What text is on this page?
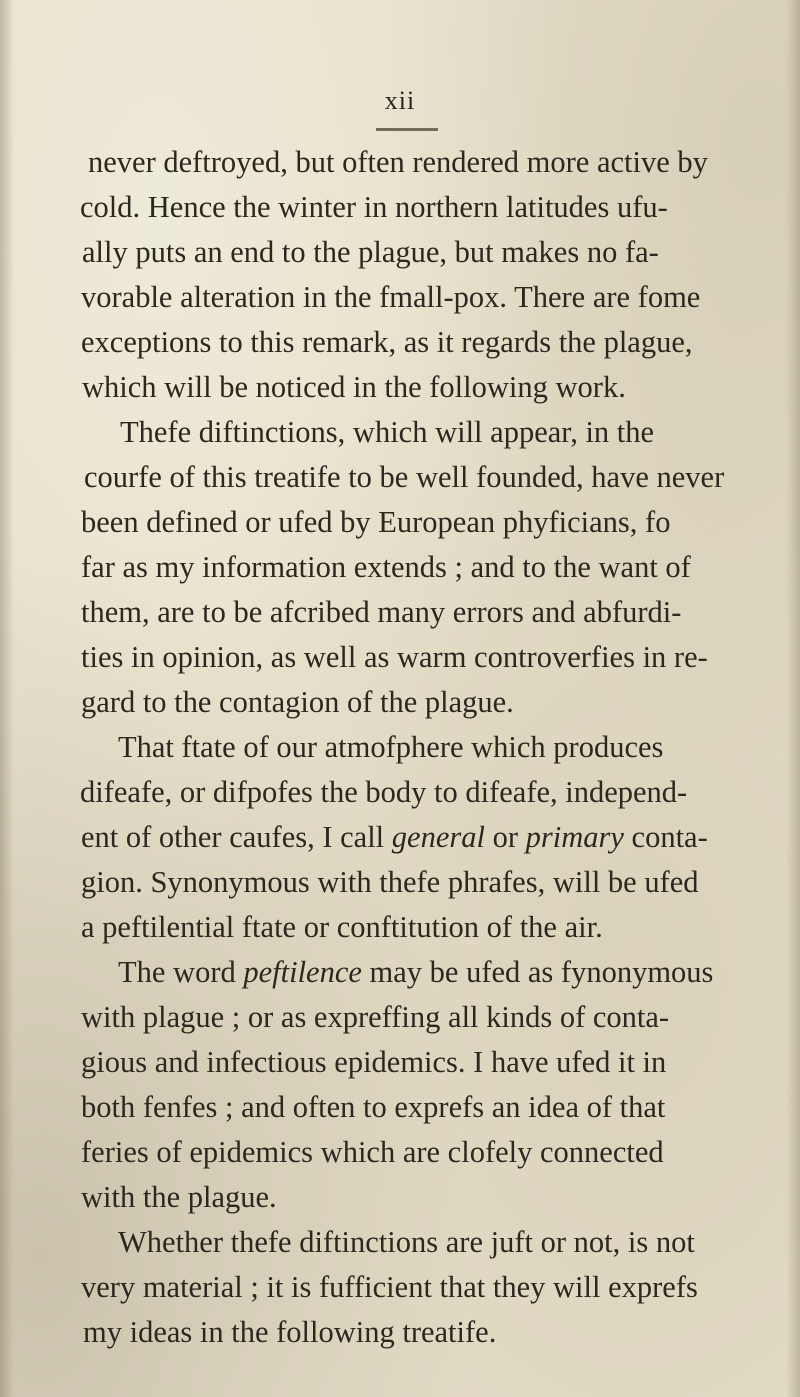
xii
never deftroyed, but often rendered more active by
cold. Hence the winter in northern latitudes ufu-
ally puts an end to the plague, but makes no fa-
vorable alteration in the fmall-pox. There are fome
exceptions to this remark, as it regards the plague,
which will be noticed in the following work.
Thefe diftinctions, which will appear, in the
courfe of this treatife to be well founded, have never
been defined or ufed by European phyficians, fo
far as my information extends ; and to the want of
them, are to be afcribed many errors and abfurdi-
ties in opinion, as well as warm controverfies in re-
gard to the contagion of the plague.
That ftate of our atmofphere which produces
difeafe, or difpofes the body to difeafe, independ-
ent of other caufes, I call general or primary conta-
gion. Synonymous with thefe phrafes, will be ufed
a peftilential ftate or conftitution of the air.
The word peftilence may be ufed as fynonymous
with plague ; or as expreffing all kinds of conta-
gious and infectious epidemics. I have ufed it in
both fenfes ; and often to exprefs an idea of that
feries of epidemics which are clofely connected
with the plague.
Whether thefe diftinctions are juft or not, is not
very material ; it is fufficient that they will exprefs
my ideas in the following treatife.
